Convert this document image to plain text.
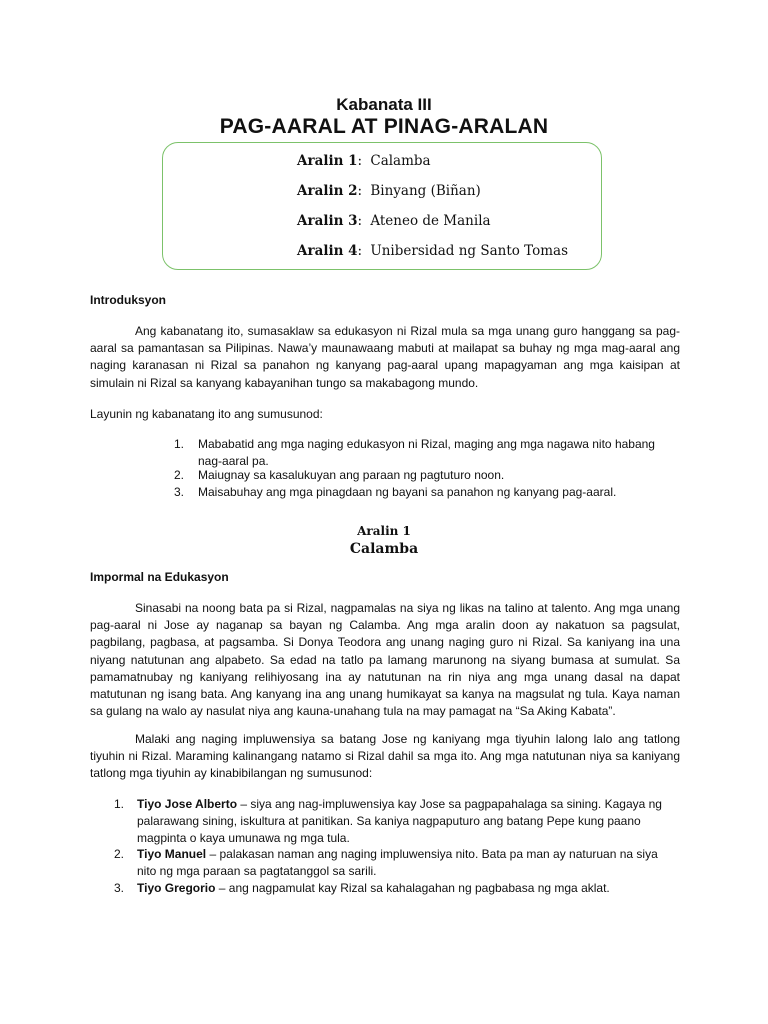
Kabanata III
PAG-AARAL AT PINAG-ARALAN
Aralin 1: Calamba
Aralin 2: Binyang (Biñan)
Aralin 3: Ateneo de Manila
Aralin 4: Unibersidad ng Santo Tomas
Introduksyon
Ang kabanatang ito, sumasaklaw sa edukasyon ni Rizal mula sa mga unang guro hanggang sa pag-aaral sa pamantasan sa Pilipinas. Nawa’y maunawaang mabuti at mailapat sa buhay ng mga mag-aaral ang naging karanasan ni Rizal sa panahon ng kanyang pag-aaral upang mapagyaman ang mga kaisipan at simulain ni Rizal sa kanyang kabayanihan tungo sa makabagong mundo.
Layunin ng kabanatang ito ang sumusunod:
1. Mababatid ang mga naging edukasyon ni Rizal, maging ang mga nagawa nito habang nag-aaral pa.
2. Maiugnay sa kasalukuyan ang paraan ng pagtuturo noon.
3. Maisabuhay ang mga pinagdaan ng bayani sa panahon ng kanyang pag-aaral.
Aralin 1
Calamba
Impormal na Edukasyon
Sinasabi na noong bata pa si Rizal, nagpamalas na siya ng likas na talino at talento. Ang mga unang pag-aaral ni Jose ay naganap sa bayan ng Calamba. Ang mga aralin doon ay nakatuon sa pagsulat, pagbilang, pagbasa, at pagsamba. Si Donya Teodora ang unang naging guro ni Rizal. Sa kaniyang ina una niyang natutunan ang alpabeto. Sa edad na tatlo pa lamang marunong na siyang bumasa at sumulat. Sa pamamatnubay ng kaniyang relihiyosang ina ay natutunan na rin niya ang mga unang dasal na dapat matutunan ng isang bata. Ang kanyang ina ang unang humikayat sa kanya na magsulat ng tula. Kaya naman sa gulang na walo ay nasulat niya ang kauna-unahang tula na may pamagat na “Sa Aking Kabata”.
Malaki ang naging impluwensiya sa batang Jose ng kaniyang mga tiyuhin lalong lalo ang tatlong tiyuhin ni Rizal. Maraming kalinangang natamo si Rizal dahil sa mga ito. Ang mga natutunan niya sa kaniyang tatlong mga tiyuhin ay kinabibilangan ng sumusunod:
1. Tiyo Jose Alberto – siya ang nag-impluwensiya kay Jose sa pagpapahalaga sa sining. Kagaya ng palarawang sining, iskultura at panitikan. Sa kaniya nagpaputuro ang batang Pepe kung paano magpinta o kaya umunawa ng mga tula.
2. Tiyo Manuel – palakasan naman ang naging impluwensiya nito. Bata pa man ay naturuan na siya nito ng mga paraan sa pagtatanggol sa sarili.
3. Tiyo Gregorio – ang nagpamulat kay Rizal sa kahalagahan ng pagbabasa ng mga aklat.
